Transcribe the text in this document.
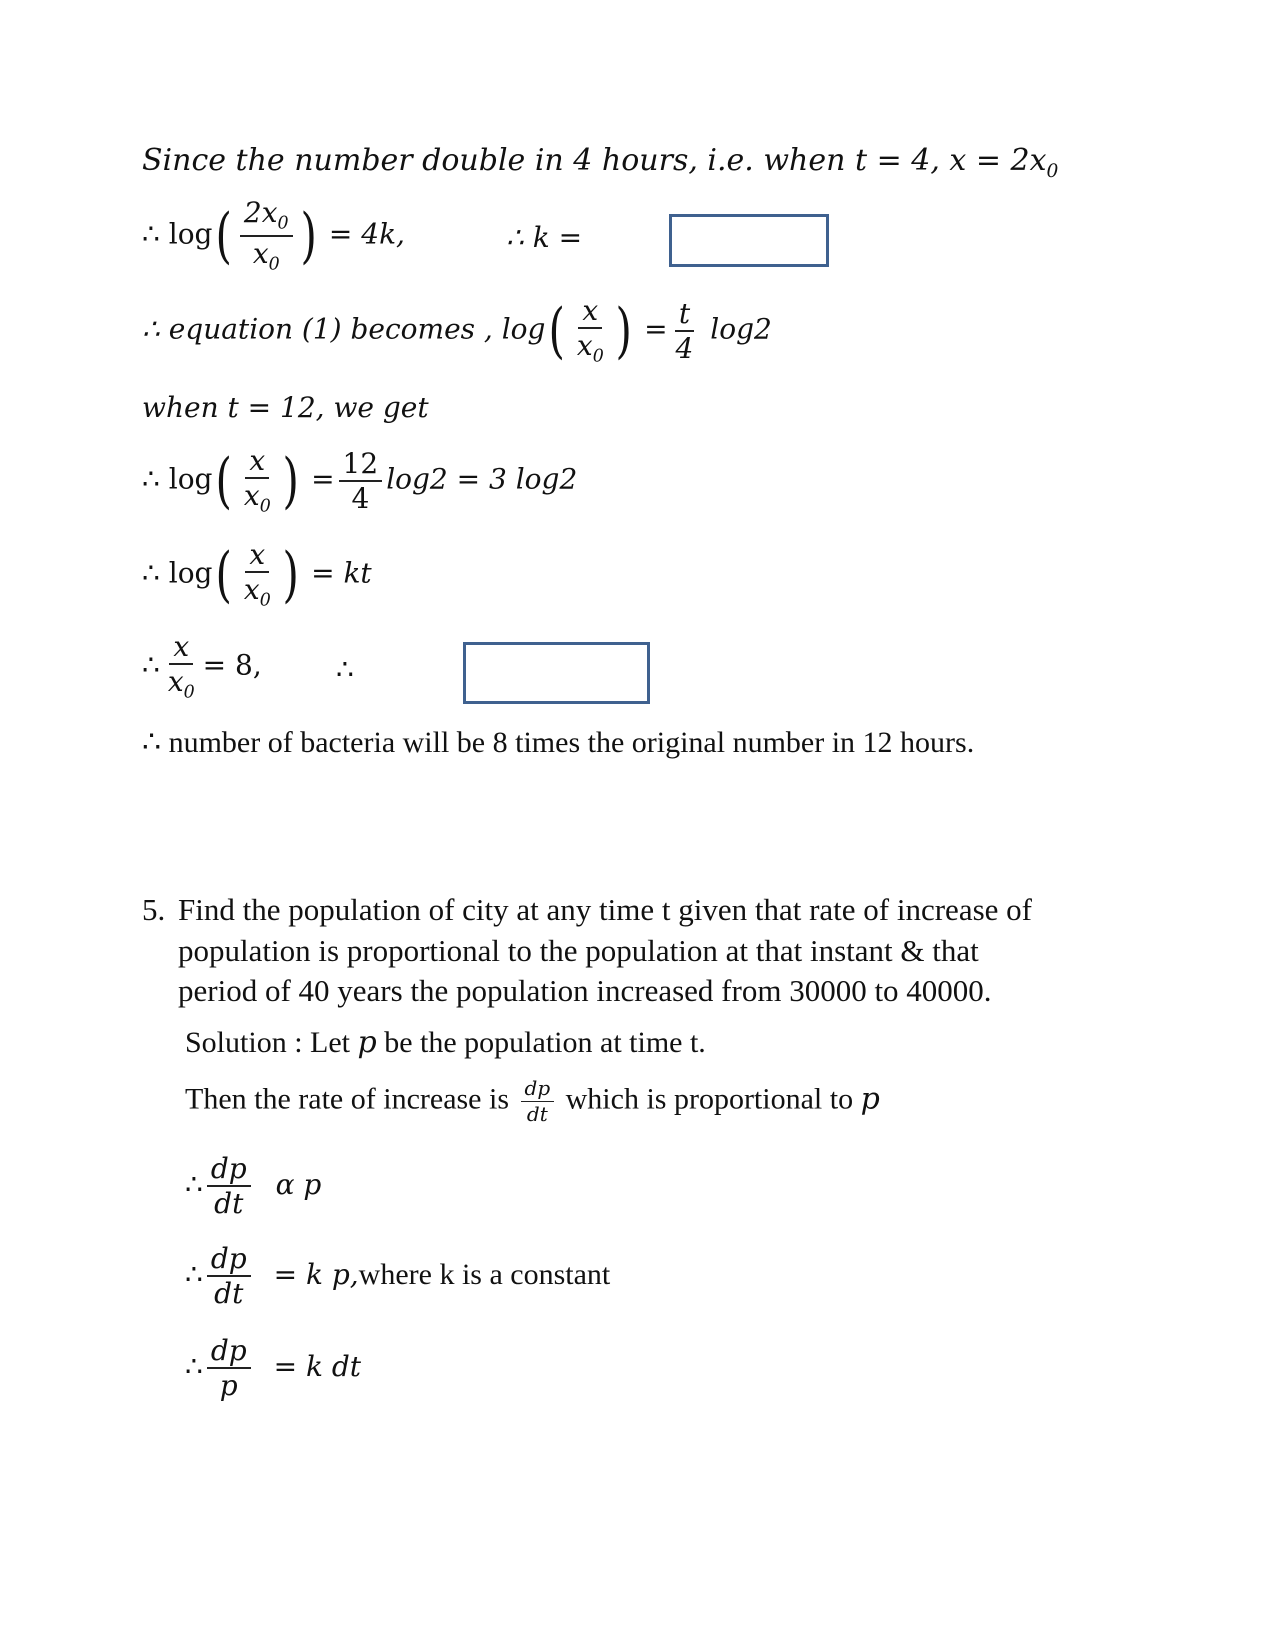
Since the number double in 4 hours, i.e. when t = 4, $x = 2x_0$
∴ $\log( \frac{2x_0}{x_0}$ ) = 4k,	∴ k =
∴ equation (1) becomes , $\log( \frac{x}{x_0}$ ) = $\frac{t}{4} \log 2$
when t = 12, we get
∴ $\log( \frac{x}{x_0}$ ) = $\frac{12}{4} \log 2 = 3$ log2
∴ $\log( \frac{x}{x_0}$ ) = kt
∴ $\frac{x}{x_0} = 8$,	∴
∴ number of bacteria will be 8 times the original number in 12 hours.
5. Find the population of city at any time t given that rate of increase of
population is proportional to the population at that instant & that
period of 40 years the population increased from 30000 to 40000.
Solution : Let p be the population at time t.
Then the rate of increase is $\frac{dp}{dt}$ which is proportional to p
∴ $\frac{dp}{dt}$ α p
∴ $\frac{dp}{dt} = k$ p,where k is a constant
∴ $\frac{dp}{p} = k$ dt
